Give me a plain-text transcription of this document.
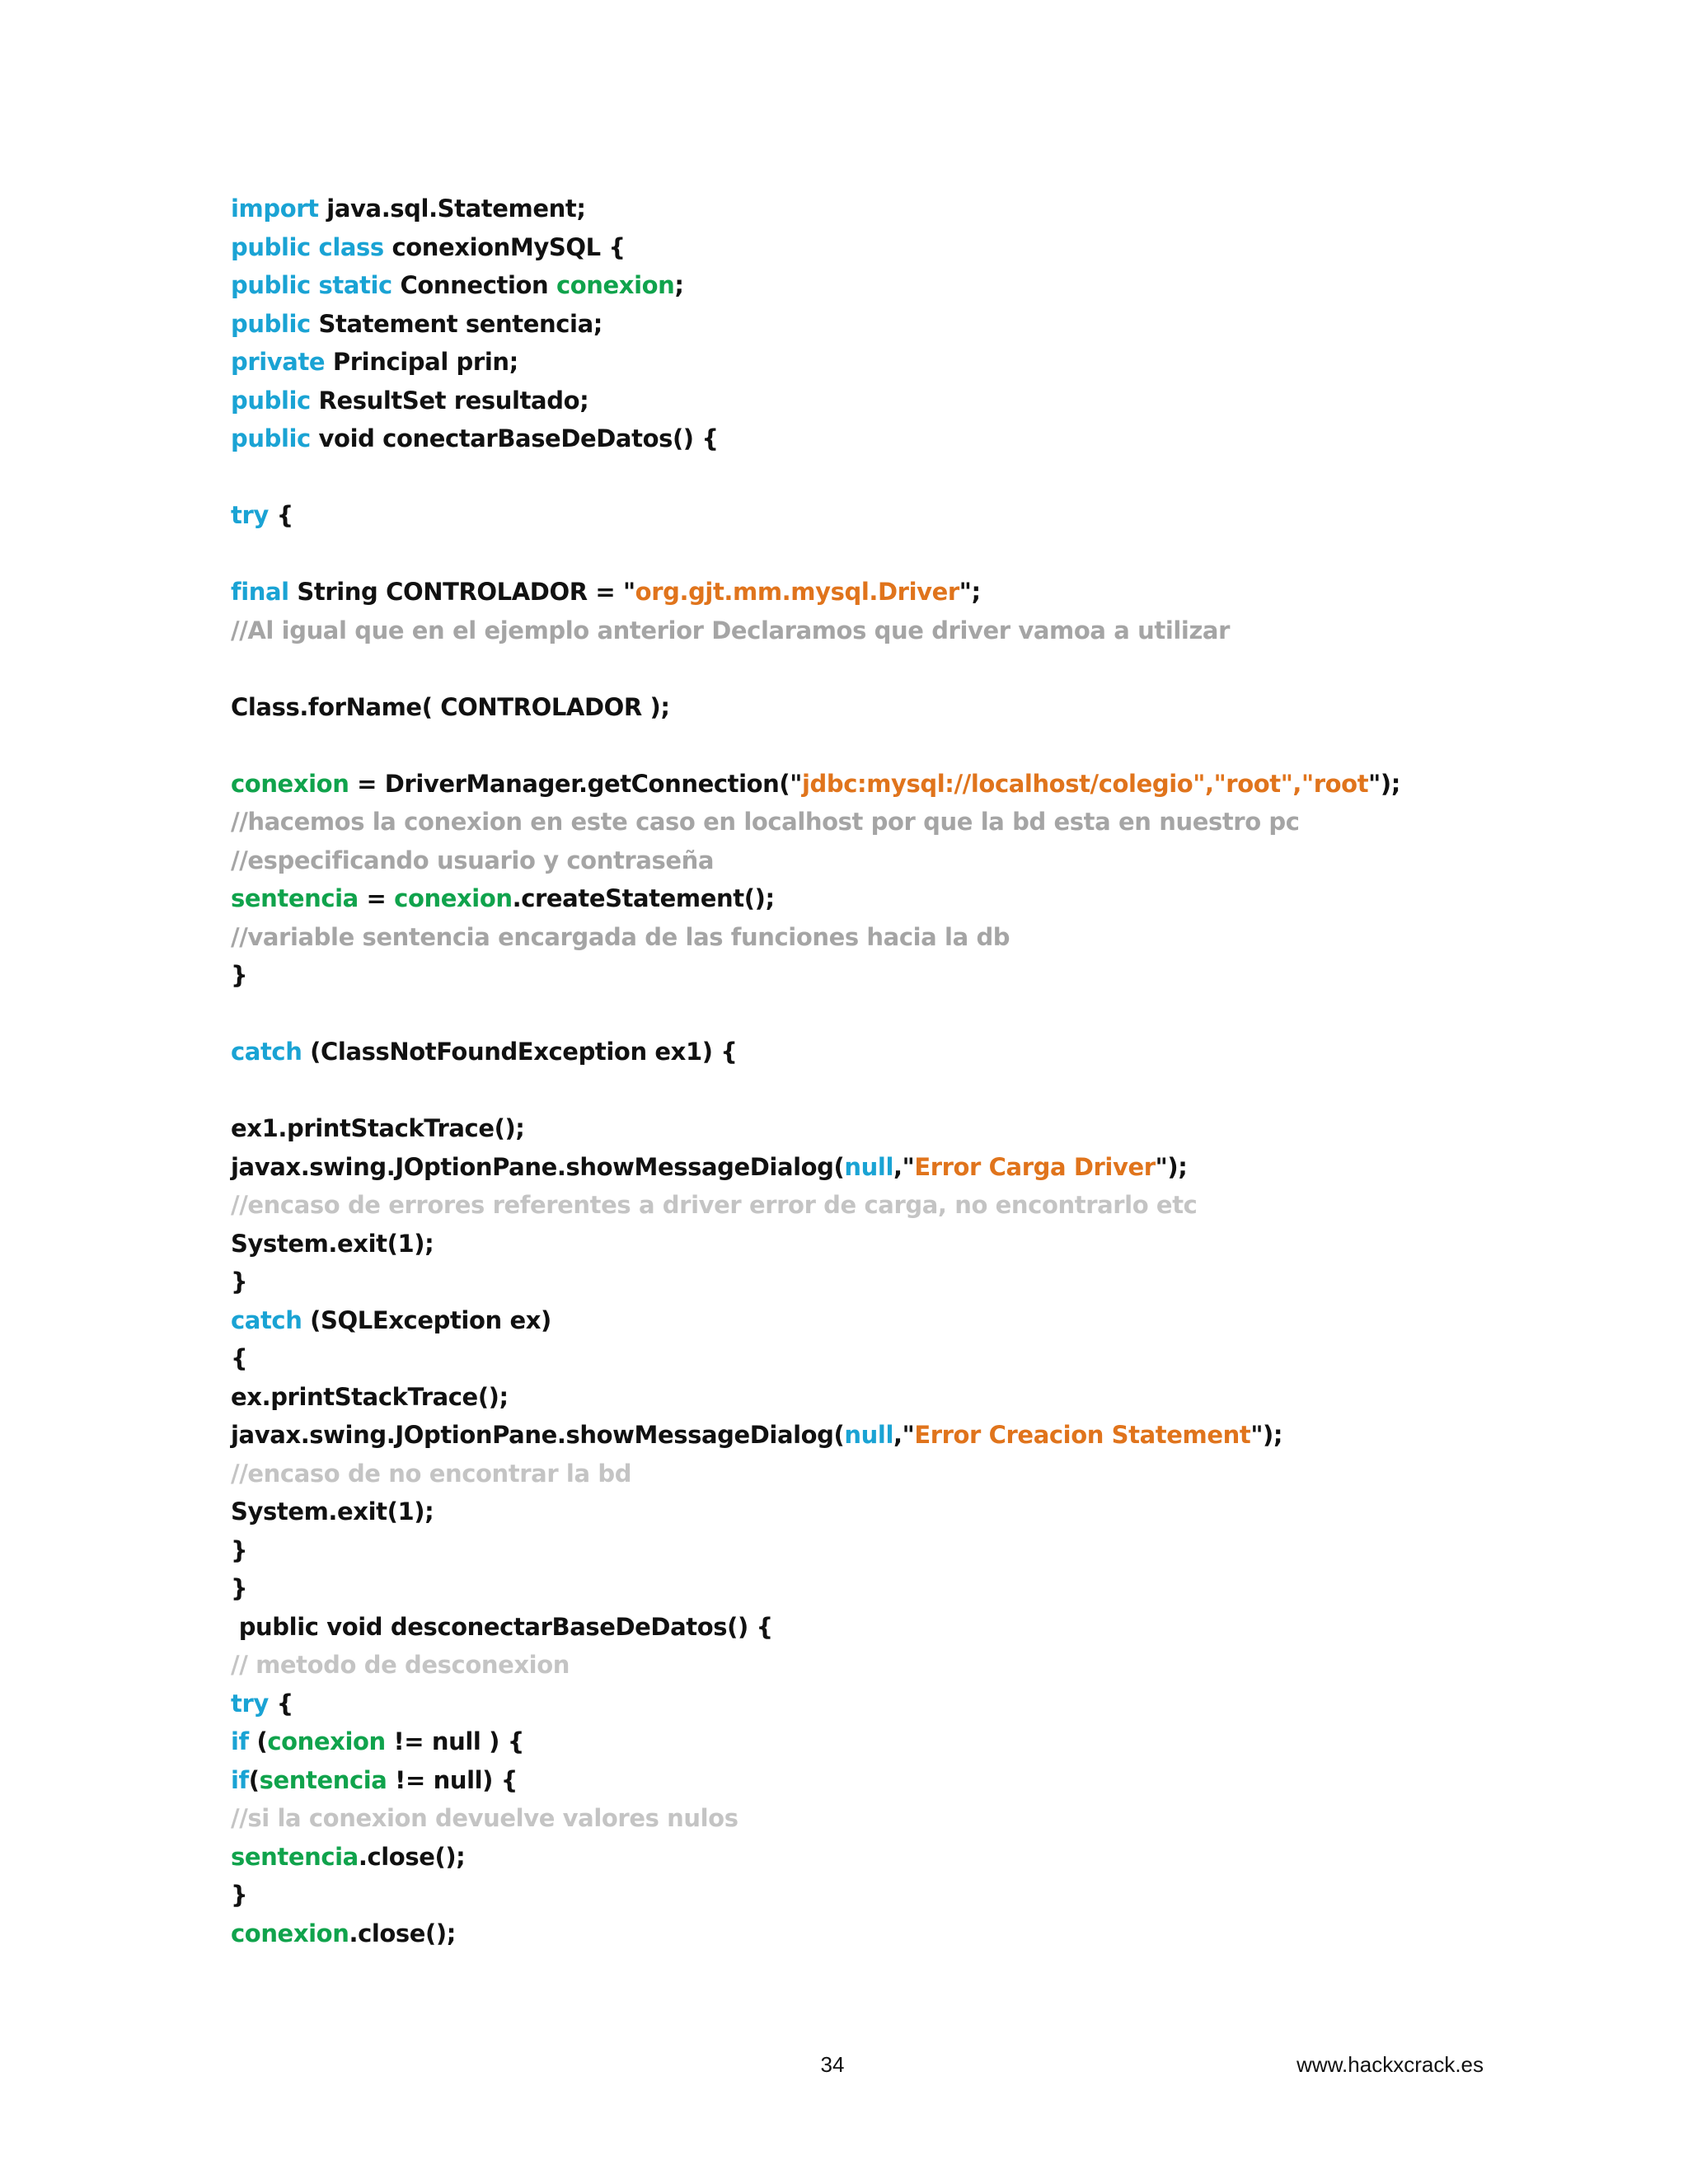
import java.sql.Statement;
public class conexionMySQL {
public static Connection conexion;
public Statement sentencia;
private Principal prin;
public ResultSet resultado;
public void conectarBaseDeDatos() {
try {
final String CONTROLADOR = "org.gjt.mm.mysql.Driver";
//Al igual que en el ejemplo anterior Declaramos que driver vamoa a utilizar
Class.forName( CONTROLADOR );
conexion = DriverManager.getConnection("jdbc:mysql://localhost/colegio","root","root");
//hacemos la conexion en este caso en localhost por que la bd esta en nuestro pc
//especificando usuario y contraseña
sentencia = conexion.createStatement();
//variable sentencia encargada de las funciones hacia la db
}
catch (ClassNotFoundException ex1) {
ex1.printStackTrace();
javax.swing.JOptionPane.showMessageDialog(null,"Error Carga Driver");
//encaso de errores referentes a driver error de carga, no encontrarlo etc
System.exit(1);
}
catch (SQLException ex)
{
ex.printStackTrace();
javax.swing.JOptionPane.showMessageDialog(null,"Error Creacion Statement");
//encaso de no encontrar la bd
System.exit(1);
}
}
public void desconectarBaseDeDatos() {
// metodo de desconexion
try {
if (conexion != null ) {
if(sentencia != null) {
//si la conexion devuelve valores nulos
sentencia.close();
}
conexion.close();
34	www.hackxcrack.es
